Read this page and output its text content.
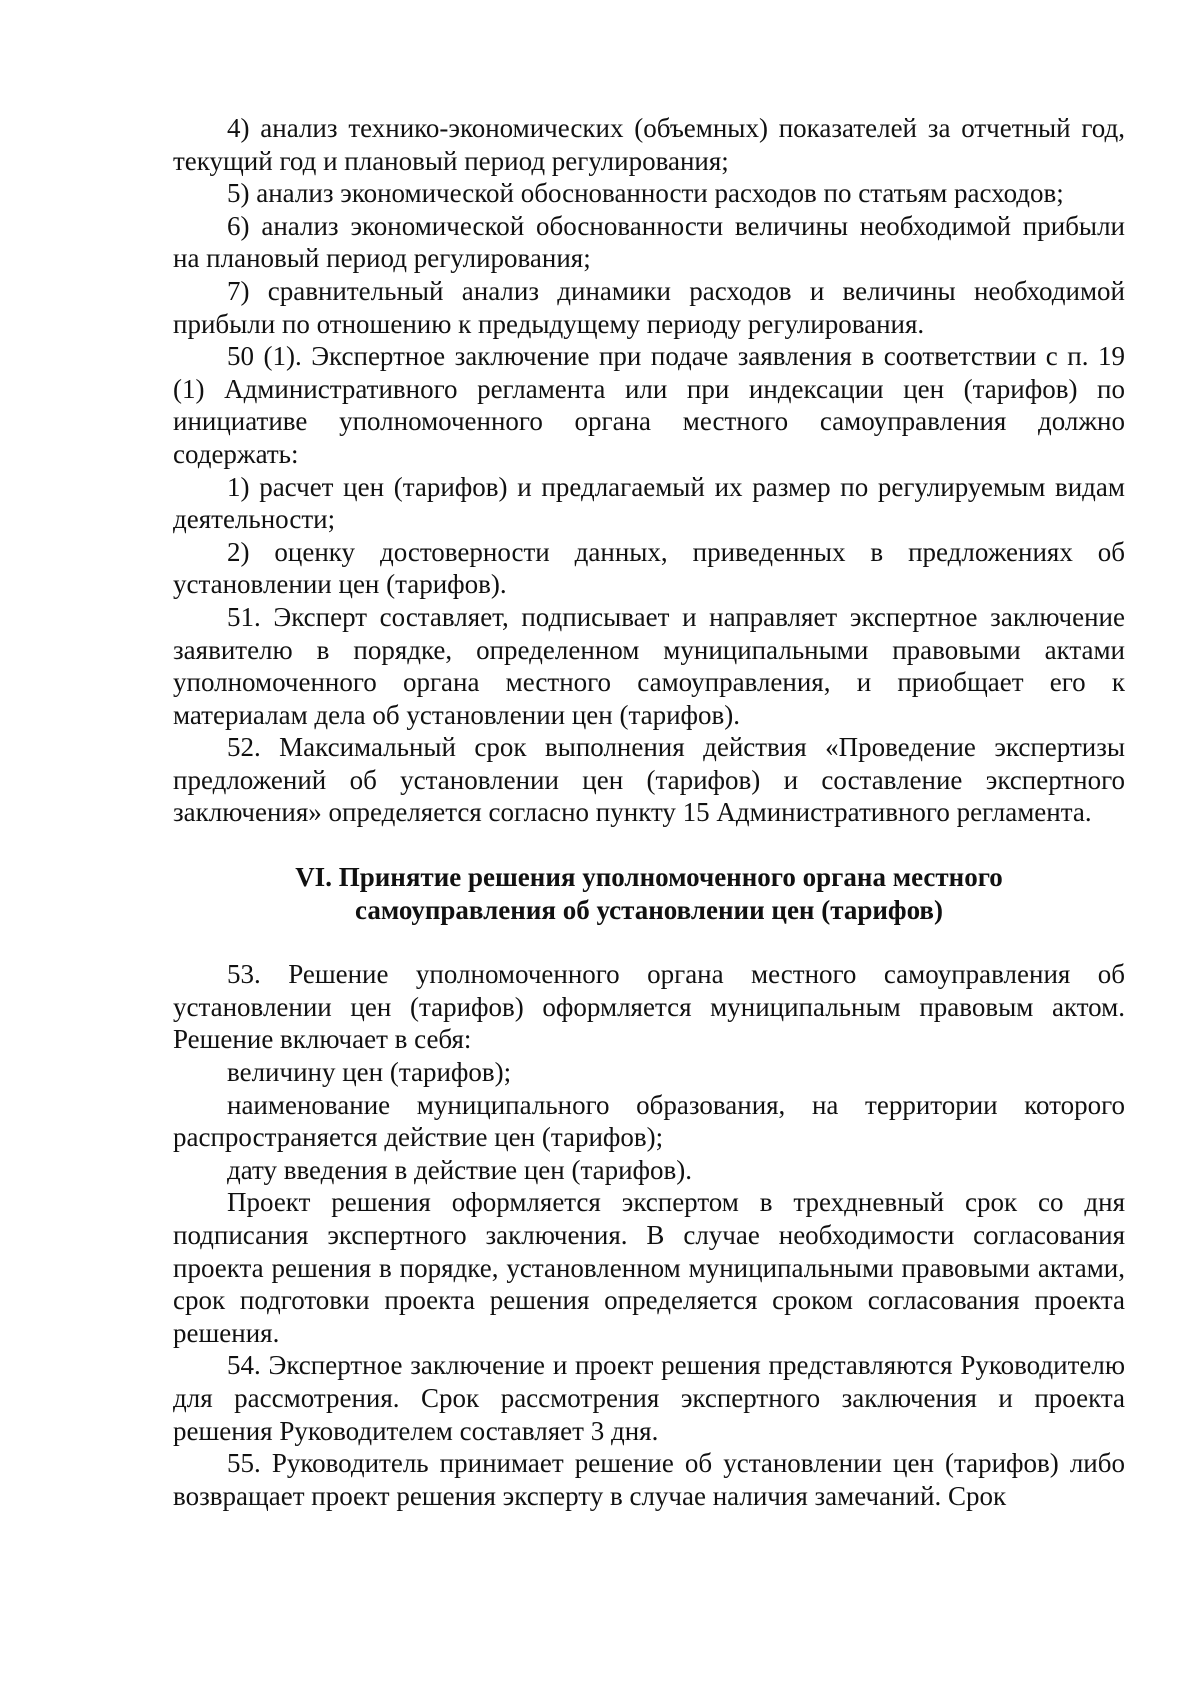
4) анализ технико-экономических (объемных) показателей за отчетный год, текущий год и плановый период регулирования;

5) анализ экономической обоснованности расходов по статьям расходов;

6) анализ экономической обоснованности величины необходимой прибыли на плановый период регулирования;

7) сравнительный анализ динамики расходов и величины необходимой прибыли по отношению к предыдущему периоду регулирования.

50 (1). Экспертное заключение при подаче заявления в соответствии с п. 19 (1) Административного регламента или при индексации цен (тарифов) по инициативе уполномоченного органа местного самоуправления должно содержать:

1) расчет цен (тарифов) и предлагаемый их размер по регулируемым видам деятельности;

2) оценку достоверности данных, приведенных в предложениях об установлении цен (тарифов).

51. Эксперт составляет, подписывает и направляет экспертное заключение заявителю в порядке, определенном муниципальными правовыми актами уполномоченного органа местного самоуправления, и приобщает его к материалам дела об установлении цен (тарифов).

52. Максимальный срок выполнения действия «Проведение экспертизы предложений об установлении цен (тарифов) и составление экспертного заключения» определяется согласно пункту 15 Административного регламента.

VI. Принятие решения уполномоченного органа местного
самоуправления об установлении цен (тарифов)

53. Решение уполномоченного органа местного самоуправления об установлении цен (тарифов) оформляется муниципальным правовым актом. Решение включает в себя:

величину цен (тарифов);

наименование муниципального образования, на территории которого распространяется действие цен (тарифов);

дату введения в действие цен (тарифов).

Проект решения оформляется экспертом в трехдневный срок со дня подписания экспертного заключения. В случае необходимости согласования проекта решения в порядке, установленном муниципальными правовыми актами, срок подготовки проекта решения определяется сроком согласования проекта решения.

54. Экспертное заключение и проект решения представляются Руководителю для рассмотрения. Срок рассмотрения экспертного заключения и проекта решения Руководителем составляет 3 дня.

55. Руководитель принимает решение об установлении цен (тарифов) либо возвращает проект решения эксперту в случае наличия замечаний. Срок
